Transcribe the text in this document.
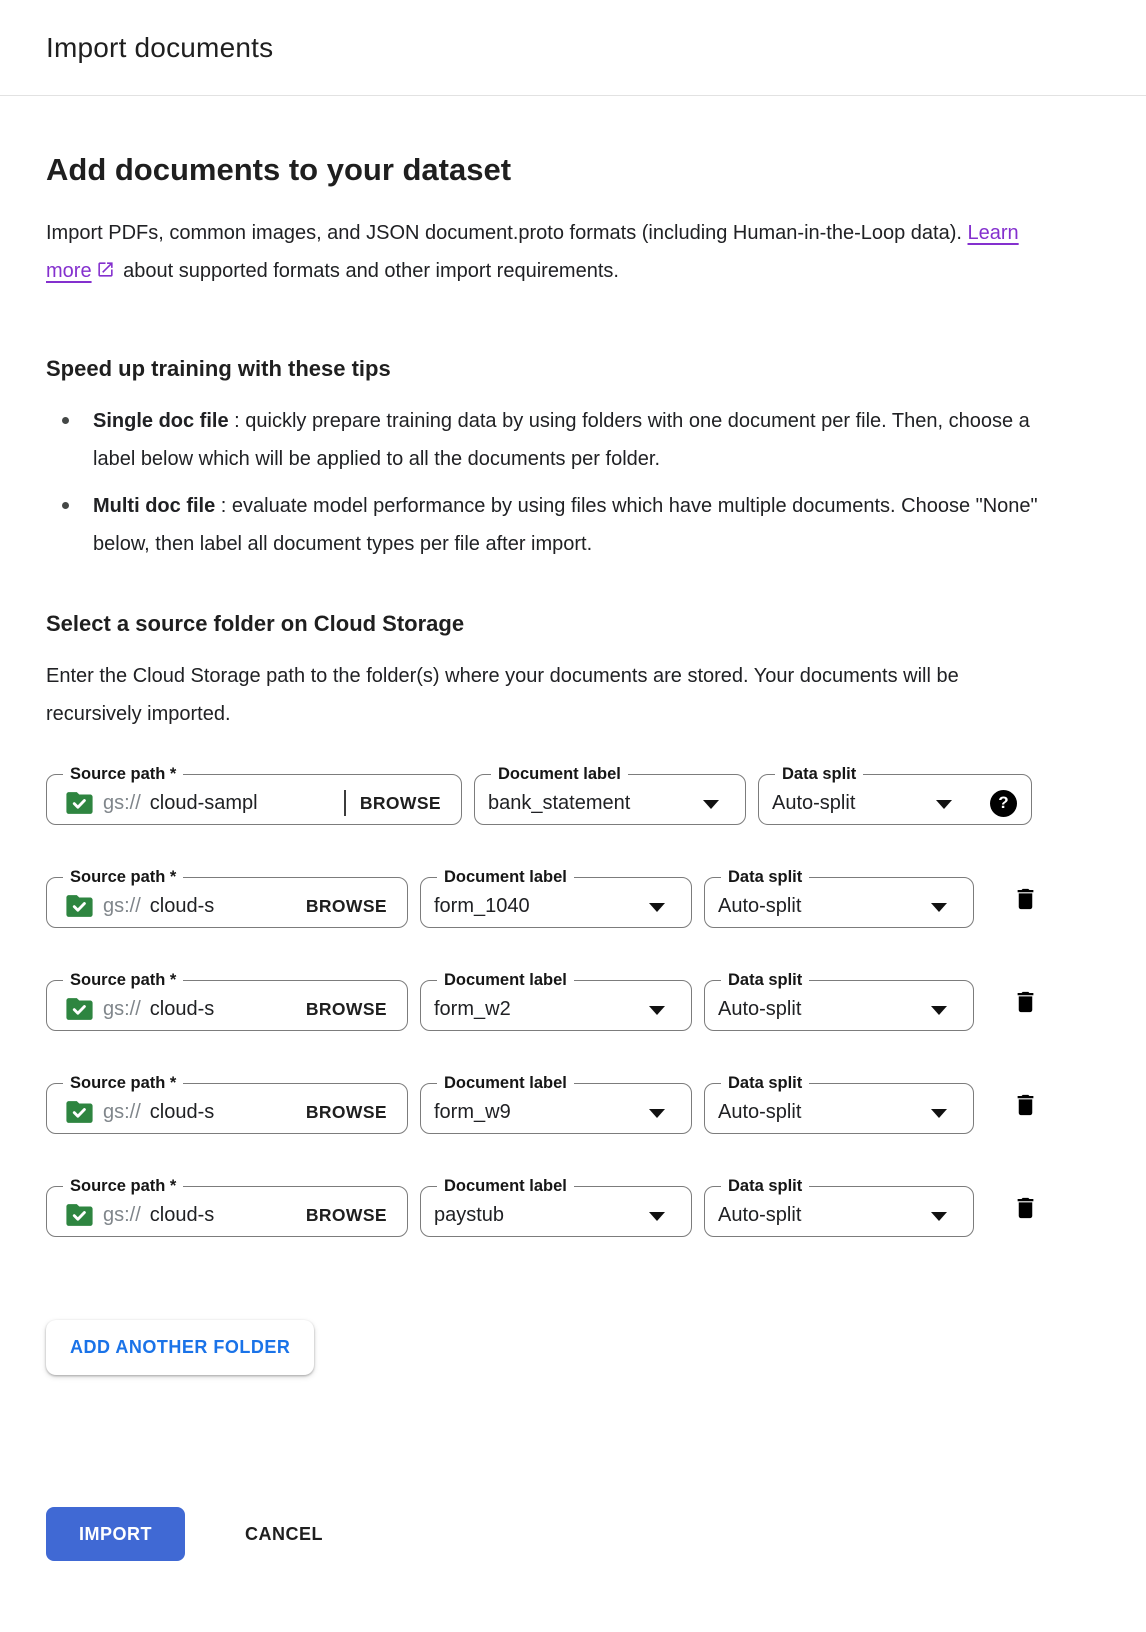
Import documents
Add documents to your dataset

Import PDFs, common images, and JSON document.proto formats (including Human-in-the-Loop data). Learn more about supported formats and other import requirements.

Speed up training with these tips
Single doc file : quickly prepare training data by using folders with one document per file. Then, choose a label below which will be applied to all the documents per folder.
Multi doc file : evaluate model performance by using files which have multiple documents. Choose "None" below, then label all document types per file after import.
Select a source folder on Cloud Storage

Enter the Cloud Storage path to the folder(s) where your documents are stored. Your documents will be recursively imported.

Source path *
gs:// cloud-sampl	BROWSE
Document label
bank_statement
Data split
Auto-split	?
Source path *
gs:// cloud-s	BROWSE
Document label
form_1040
Data split
Auto-split
Source path *
gs:// cloud-s	BROWSE
Document label
form_w2
Data split
Auto-split
Source path *
gs:// cloud-s	BROWSE
Document label
form_w9
Data split
Auto-split
Source path *
gs:// cloud-s	BROWSE
Document label
paystub
Data split
Auto-split
ADD ANOTHER FOLDER
IMPORT	CANCEL
